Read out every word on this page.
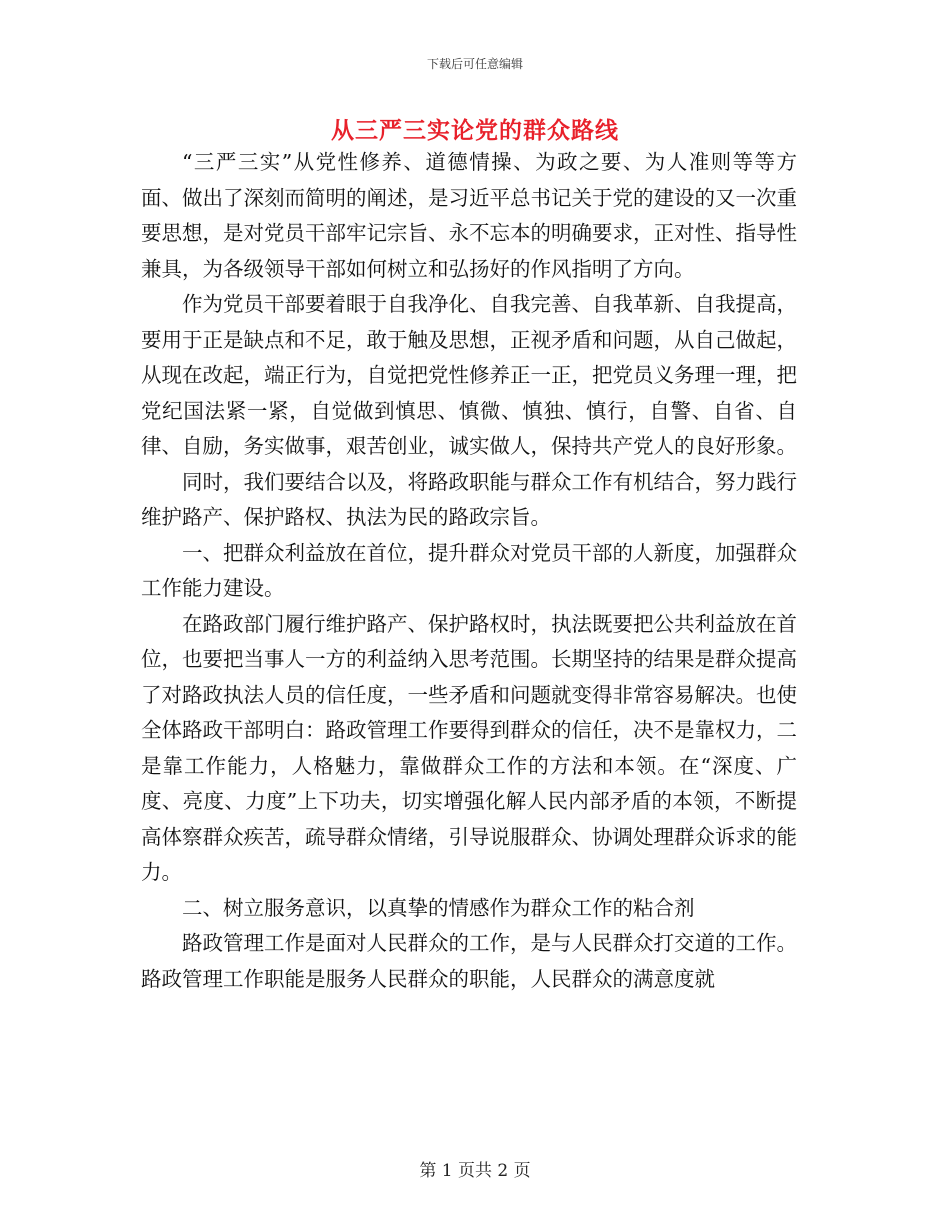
下载后可任意编辑
从三严三实论党的群众路线

“三严三实”从党性修养、道德情操、为政之要、为人准则等等方面、做出了深刻而简明的阐述，是习近平总书记关于党的建设的又一次重要思想，是对党员干部牢记宗旨、永不忘本的明确要求，正对性、指导性兼具，为各级领导干部如何树立和弘扬好的作风指明了方向。

作为党员干部要着眼于自我净化、自我完善、自我革新、自我提高，要用于正是缺点和不足，敢于触及思想，正视矛盾和问题，从自己做起，从现在改起，端正行为，自觉把党性修养正一正，把党员义务理一理，把党纪国法紧一紧，自觉做到慎思、慎微、慎独、慎行，自警、自省、自律、自励，务实做事，艰苦创业，诚实做人，保持共产党人的良好形象。

同时，我们要结合以及，将路政职能与群众工作有机结合，努力践行维护路产、保护路权、执法为民的路政宗旨。

一、把群众利益放在首位，提升群众对党员干部的人新度，加强群众工作能力建设。

在路政部门履行维护路产、保护路权时，执法既要把公共利益放在首位，也要把当事人一方的利益纳入思考范围。长期坚持的结果是群众提高了对路政执法人员的信任度，一些矛盾和问题就变得非常容易解决。也使全体路政干部明白：路政管理工作要得到群众的信任，决不是靠权力，二是靠工作能力，人格魅力，靠做群众工作的方法和本领。在“深度、广度、亮度、力度”上下功夫，切实增强化解人民内部矛盾的本领，不断提高体察群众疾苦，疏导群众情绪，引导说服群众、协调处理群众诉求的能力。

二、树立服务意识，以真挚的情感作为群众工作的粘合剂

路政管理工作是面对人民群众的工作，是与人民群众打交道的工作。路政管理工作职能是服务人民群众的职能，人民群众的满意度就

第 1 页共 2 页
